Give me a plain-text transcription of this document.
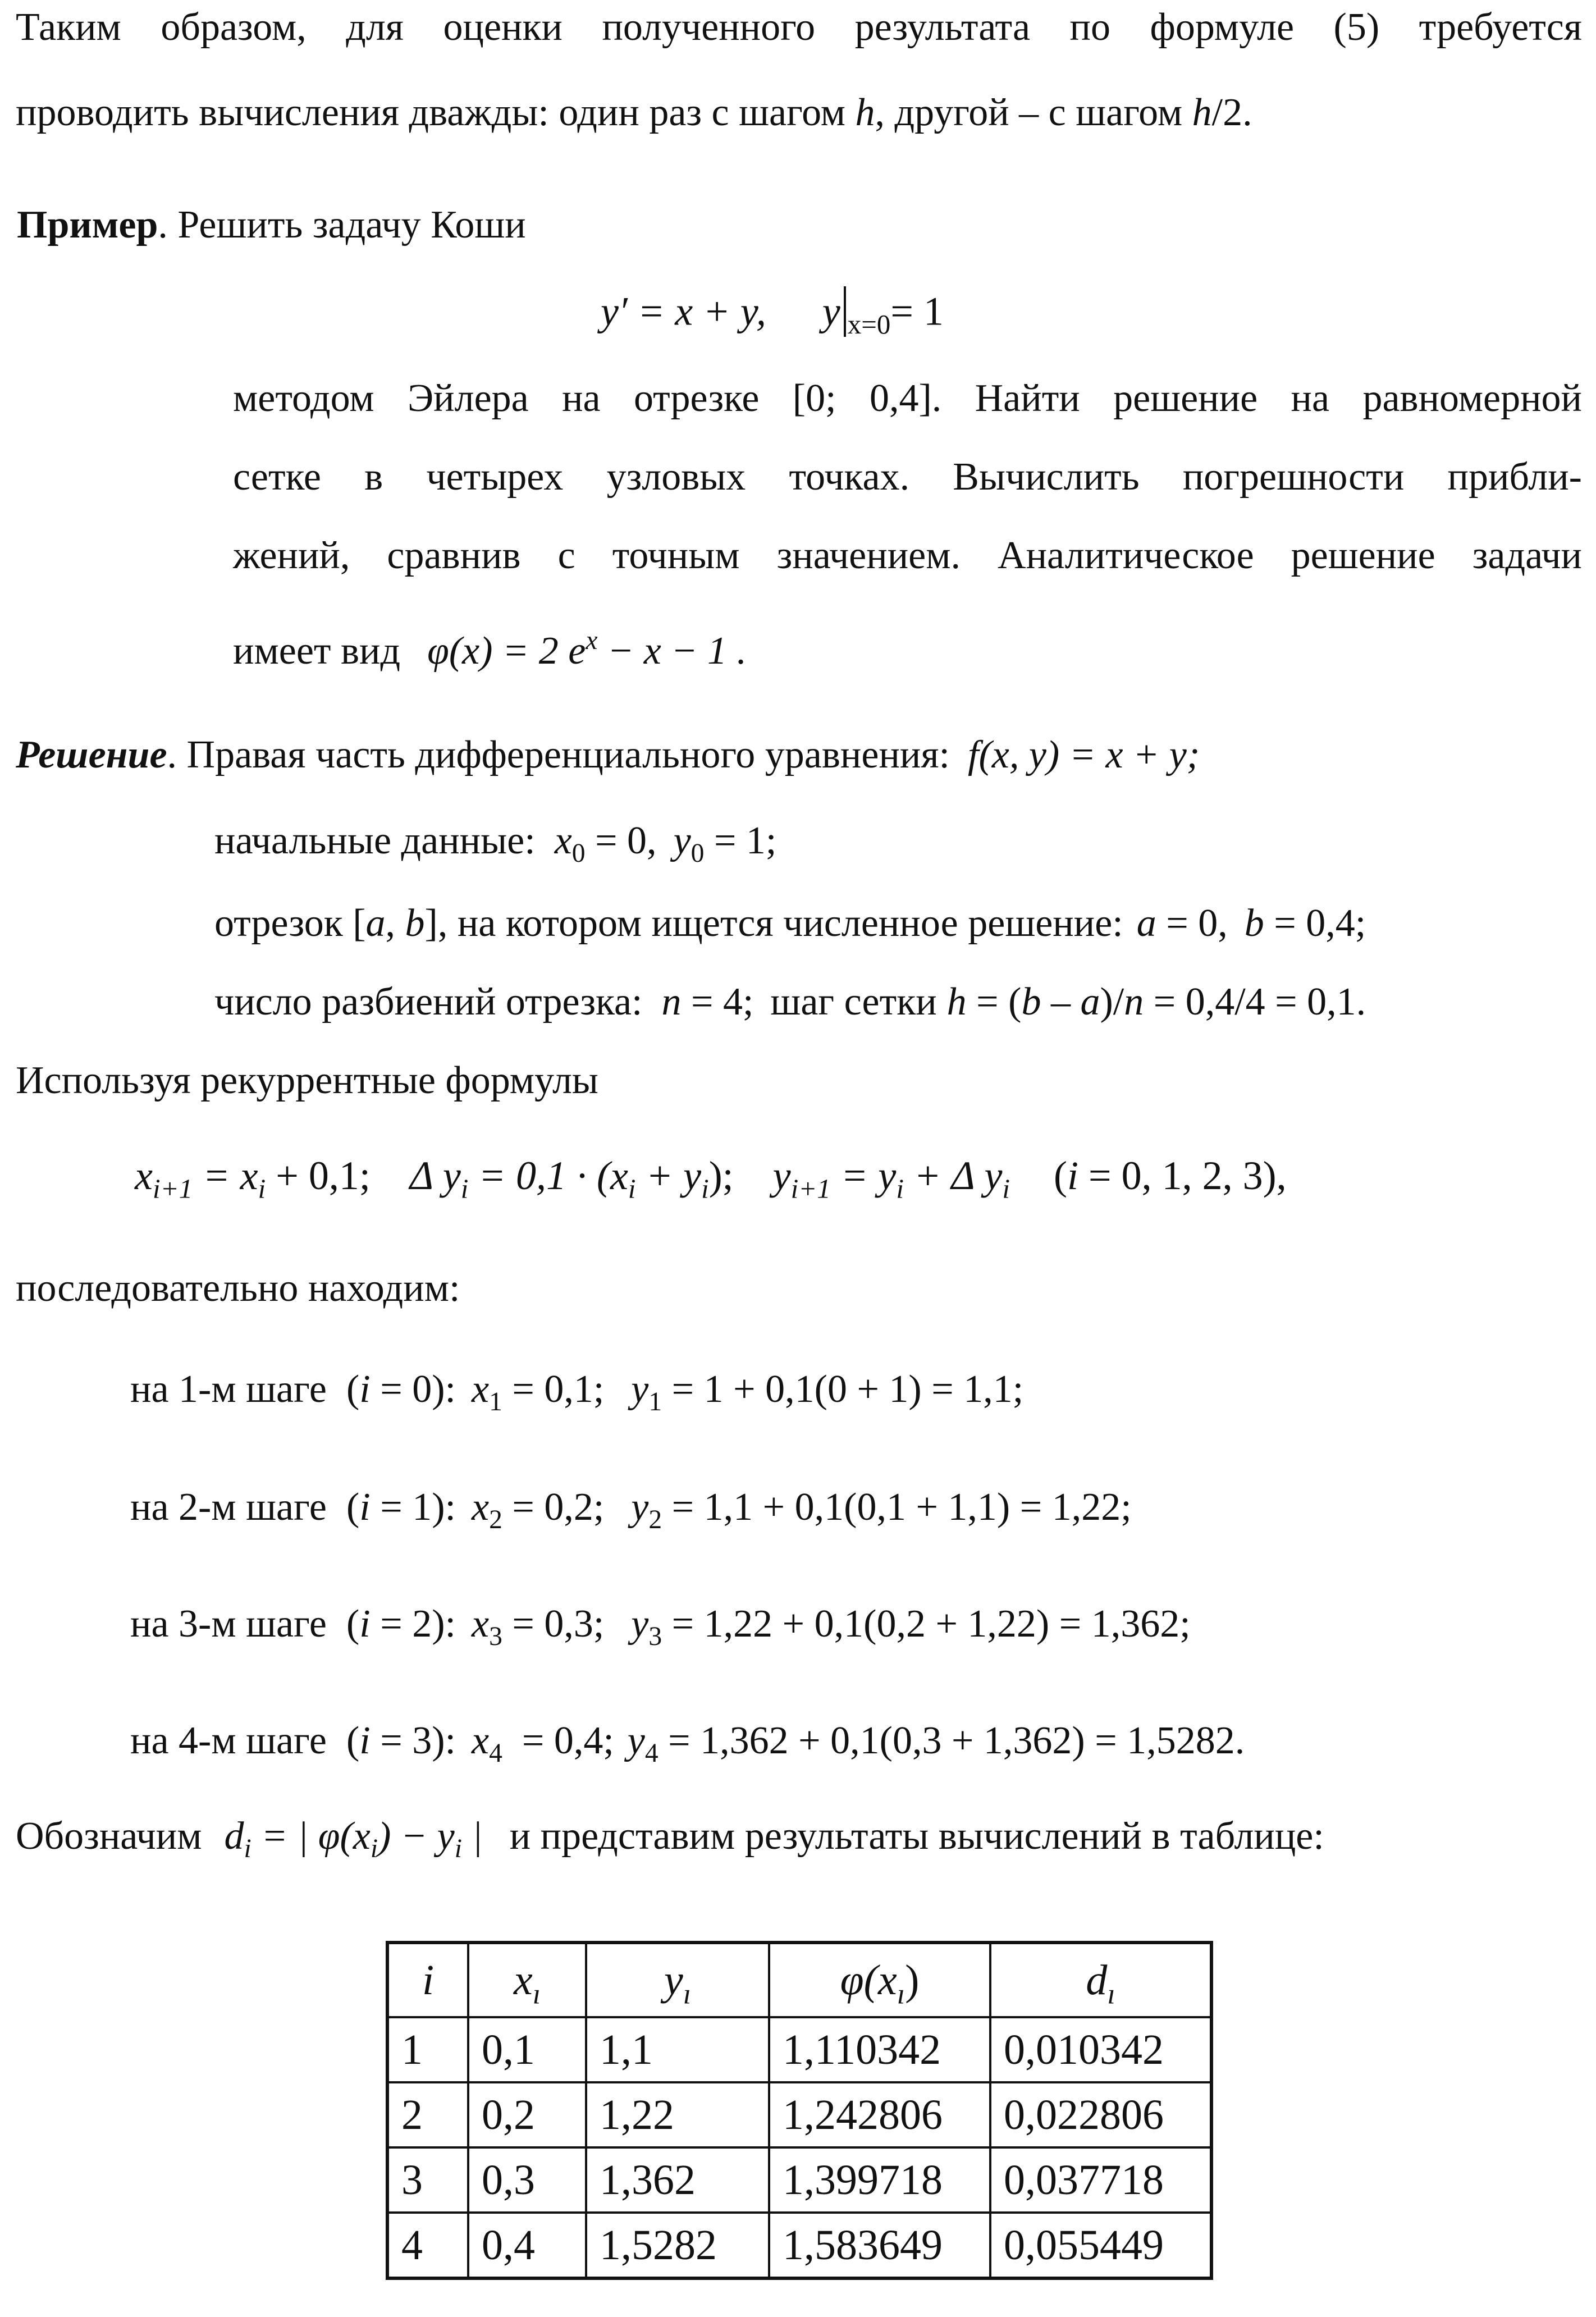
Таким образом, для оценки полученного результата по формуле (5) требуется
проводить вычисления дважды: один раз с шагом h, другой – с шагом h/2.
Пример. Решить задачу Коши
y′ = x + y, y $_{x=0}$= 1
методом Эйлера на отрезке [0; 0,4]. Найти решение на равномерной
сетке в четырех узловых точках. Вычислить погрешности прибли-
жений, сравнив с точным значением. Аналитическое решение задачи
имеет вид φ(x) = 2 $e^x - x - 1$ .
Решение. Правая часть дифференциального уравнения: f(x, y) = x + y;
начальные данные: $x_0 = 0$, $y_0 = 1$;
отрезок [a, b], на котором ищется численное решение: a = 0, b = 0,4;
число разбиений отрезка: n = 4; шаг сетки h = (b – a)/n = 0,4/4 = 0,1.
Используя рекуррентные формулы
$x_{i+1} = x_i + 0,1$; Δ $y_i = 0,1 \cdot (x_i + y_i)$; $y_{i+1} = y_i + \Delta$ $y_i$ (i = 0, 1, 2, 3),
последовательно находим:
на 1-м шаге  (i = 0): $x_1 = 0,1$; $y_1 = 1 + 0,1(0 + 1) = 1,1$;
на 2-м шаге  (i = 1): $x_2 = 0,2$; $y_2 = 1,1 + 0,1(0,1 + 1,1) = 1,22$;
на 3-м шаге  (i = 2): $x_3 = 0,3$; $y_3 = 1,22 + 0,1(0,2 + 1,22) = 1,362$;
на 4-м шаге  (i = 3): $x_4 = 0,4$; $y_4 = 1,362 + 0,1(0,3 + 1,362) = 1,5282$.
Обозначим $d_i$ = | $\varphi(x_i) - y_i$ | и представим результаты вычислений в таблице:
i	$x_ı$	$y_ı$	$\varphi(x_ı)$	$d_ı$
1	0,1	1,1	1,110342	0,010342
2	0,2	1,22	1,242806	0,022806
3	0,3	1,362	1,399718	0,037718
4	0,4	1,5282	1,583649	0,055449
